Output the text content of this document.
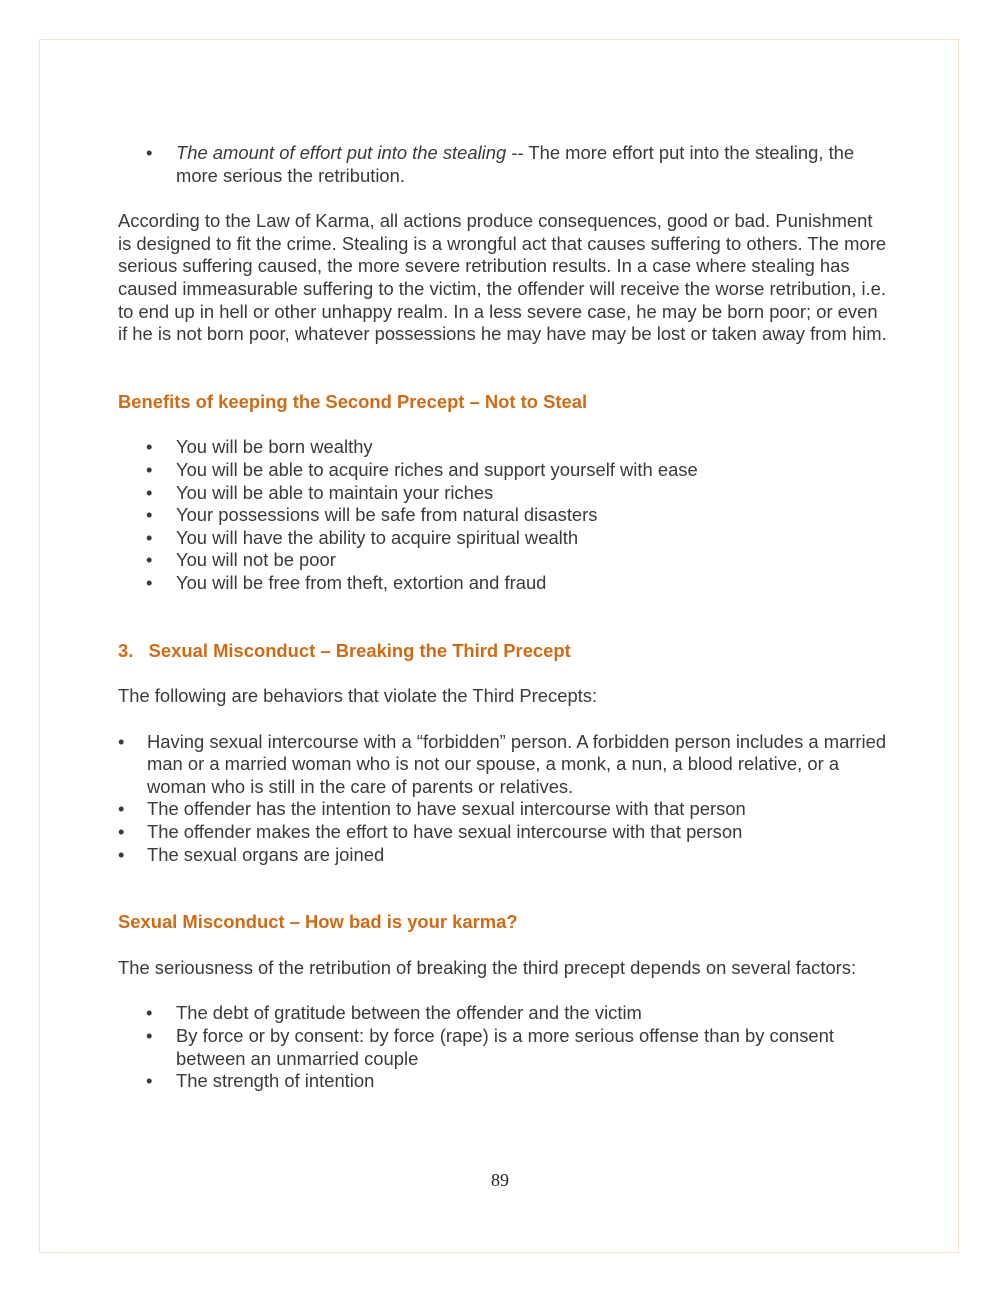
• The amount of effort put into the stealing -- The more effort put into the stealing, the more serious the retribution.

According to the Law of Karma, all actions produce consequences, good or bad. Punishment is designed to fit the crime. Stealing is a wrongful act that causes suffering to others. The more serious suffering caused, the more severe retribution results. In a case where stealing has caused immeasurable suffering to the victim, the offender will receive the worse retribution, i.e. to end up in hell or other unhappy realm. In a less severe case, he may be born poor; or even if he is not born poor, whatever possessions he may have may be lost or taken away from him.

Benefits of keeping the Second Precept – Not to Steal

• You will be born wealthy
• You will be able to acquire riches and support yourself with ease
• You will be able to maintain your riches
• Your possessions will be safe from natural disasters
• You will have the ability to acquire spiritual wealth
• You will not be poor
• You will be free from theft, extortion and fraud

3.   Sexual Misconduct – Breaking the Third Precept

The following are behaviors that violate the Third Precepts:

• Having sexual intercourse with a “forbidden” person. A forbidden person includes a married man or a married woman who is not our spouse, a monk, a nun, a blood relative, or a woman who is still in the care of parents or relatives.
• The offender has the intention to have sexual intercourse with that person
• The offender makes the effort to have sexual intercourse with that person
• The sexual organs are joined

Sexual Misconduct – How bad is your karma?

The seriousness of the retribution of breaking the third precept depends on several factors:

• The debt of gratitude between the offender and the victim
• By force or by consent: by force (rape) is a more serious offense than by consent between an unmarried couple
• The strength of intention
89
